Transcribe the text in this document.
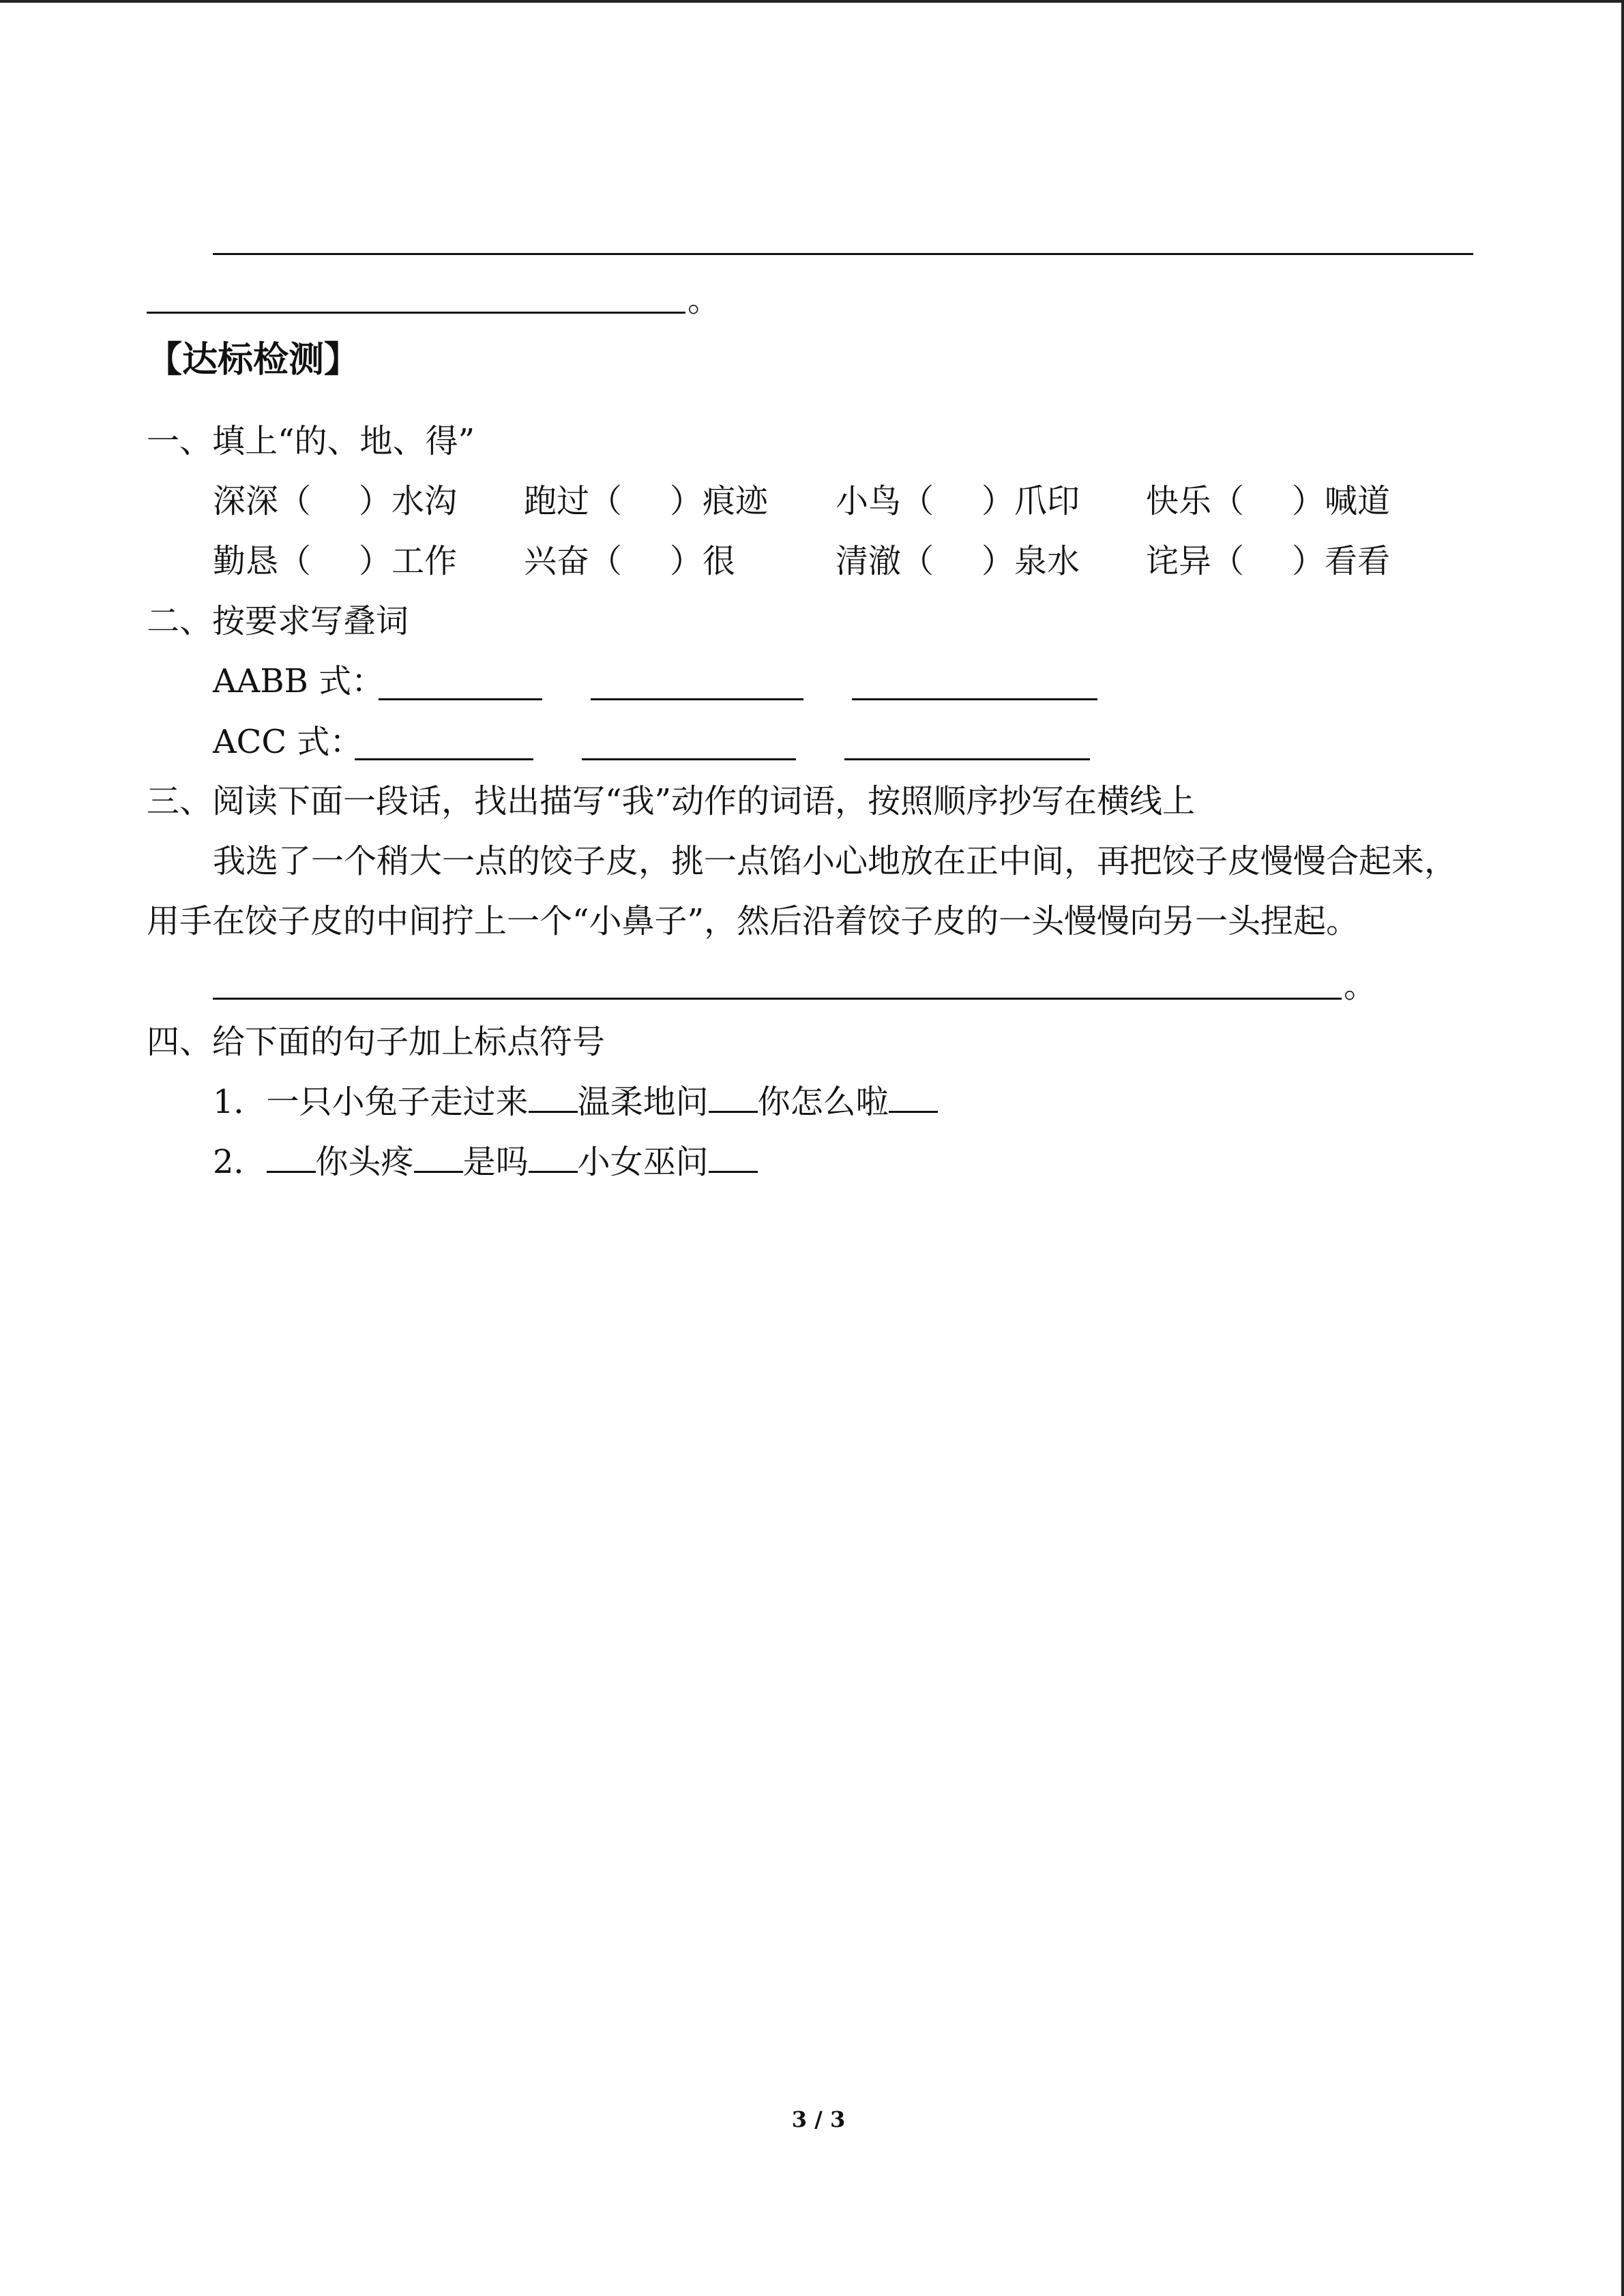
。
【达标检测】
一、填上“的、地、得”
深深（ ）水沟 跑过（ ）痕迹 小鸟（ ）爪印 快乐（ ）喊道
勤恳（ ）工作 兴奋（ ）很	清澈（ ）泉水 诧异（ ）看看
二、按要求写叠词
AABB 式：
ACC 式：
三、阅读下面一段话，找出描写“我”动作的词语，按照顺序抄写在横线上
我选了一个稍大一点的饺子皮，挑一点馅小心地放在正中间，再把饺子皮慢慢合起来，
用手在饺子皮的中间拧上一个“小鼻子”，然后沿着饺子皮的一头慢慢向另一头捏起。
。
四、给下面的句子加上标点符号
1．一只小兔子走过来 温柔地问 你怎么啦
2． 你头疼 是吗 小女巫问
3 / 3
